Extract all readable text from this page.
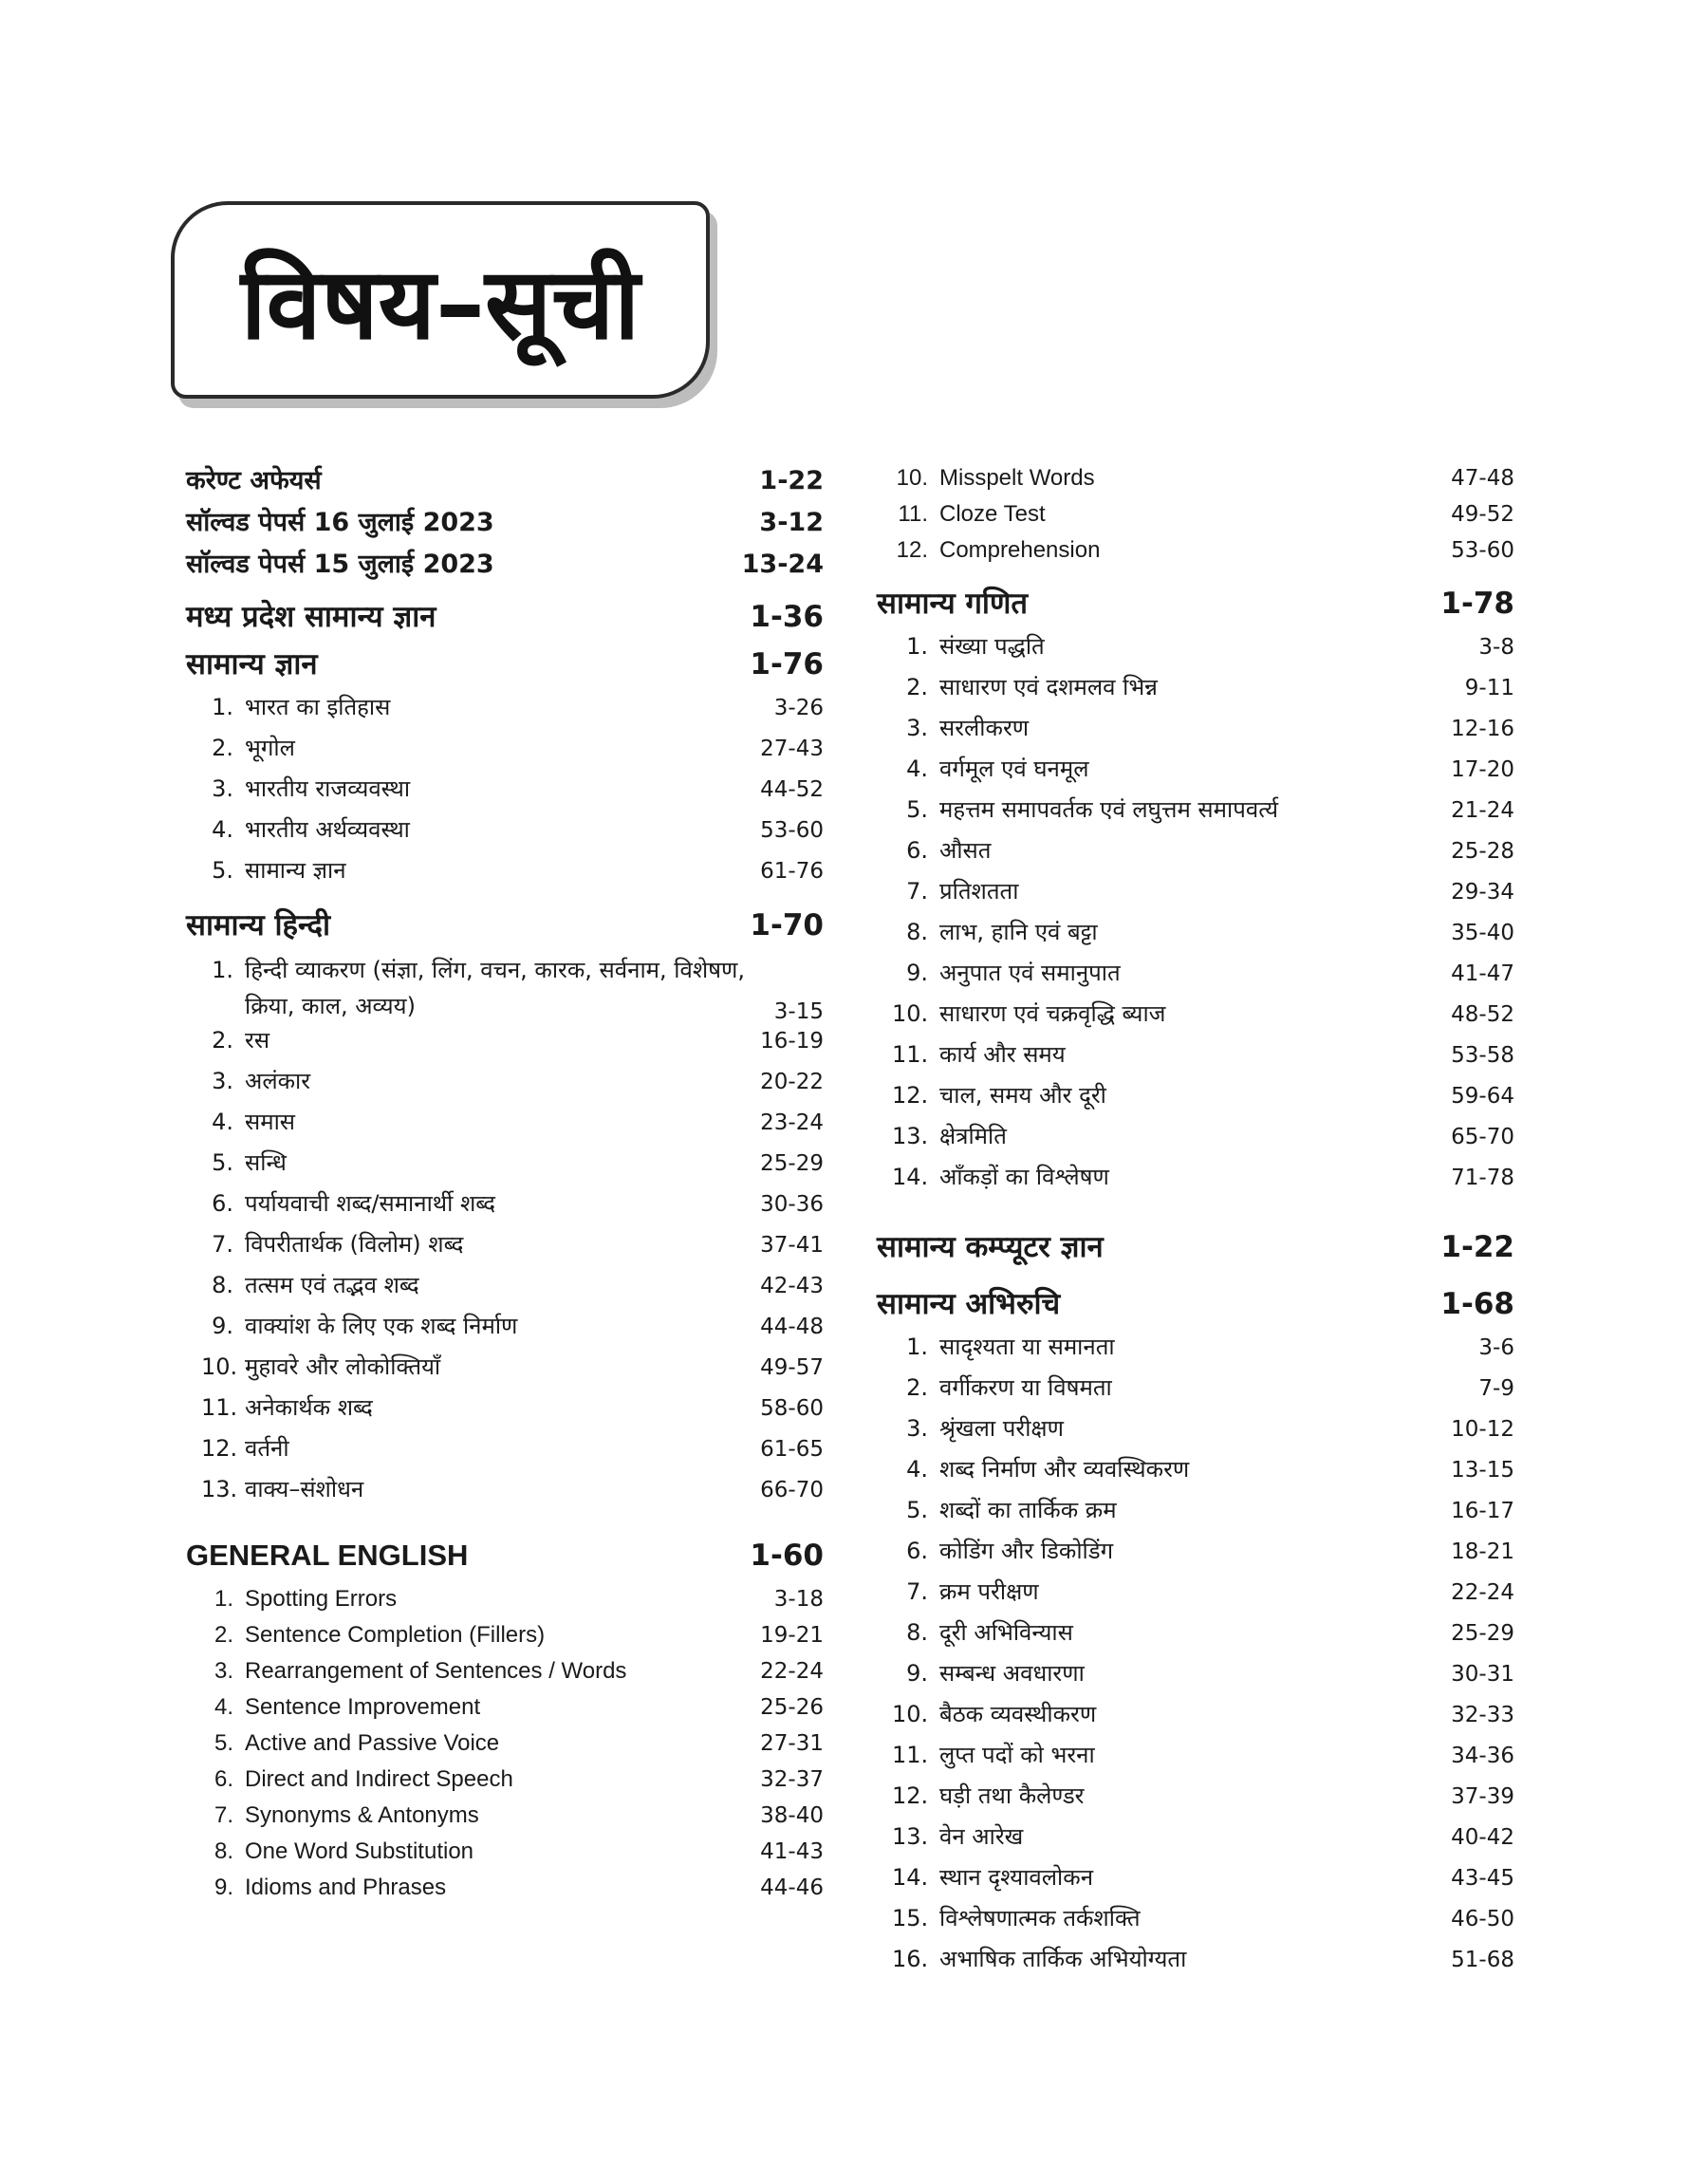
विषय–सूची
करेण्ट अफेयर्स	1-22
सॉल्वड पेपर्स 16 जुलाई 2023	3-12
सॉल्वड पेपर्स 15 जुलाई 2023	13-24
मध्य प्रदेश सामान्य ज्ञान	1-36
सामान्य ज्ञान	1-76
1. भारत का इतिहास	3-26
2. भूगोल	27-43
3. भारतीय राजव्यवस्था	44-52
4. भारतीय अर्थव्यवस्था	53-60
5. सामान्य ज्ञान	61-76
सामान्य हिन्दी	1-70
1. हिन्दी व्याकरण (संज्ञा, लिंग, वचन, कारक, सर्वनाम, विशेषण, क्रिया, काल, अव्यय)	3-15
2. रस	16-19
3. अलंकार	20-22
4. समास	23-24
5. सन्धि	25-29
6. पर्यायवाची शब्द/समानार्थी शब्द	30-36
7. विपरीतार्थक (विलोम) शब्द	37-41
8. तत्सम एवं तद्भव शब्द	42-43
9. वाक्यांश के लिए एक शब्द निर्माण	44-48
10. मुहावरे और लोकोक्तियाँ	49-57
11. अनेकार्थक शब्द	58-60
12. वर्तनी	61-65
13. वाक्य–संशोधन	66-70
GENERAL ENGLISH	1-60
1. Spotting Errors	3-18
2. Sentence Completion (Fillers)	19-21
3. Rearrangement of Sentences / Words	22-24
4. Sentence Improvement	25-26
5. Active and Passive Voice	27-31
6. Direct and Indirect Speech	32-37
7. Synonyms & Antonyms	38-40
8. One Word Substitution	41-43
9. Idioms and Phrases	44-46
10. Misspelt Words	47-48
11. Cloze Test	49-52
12. Comprehension	53-60
सामान्य गणित	1-78
1. संख्या पद्धति	3-8
2. साधारण एवं दशमलव भिन्न	9-11
3. सरलीकरण	12-16
4. वर्गमूल एवं घनमूल	17-20
5. महत्तम समापवर्तक एवं लघुत्तम समापवर्त्य	21-24
6. औसत	25-28
7. प्रतिशतता	29-34
8. लाभ, हानि एवं बट्टा	35-40
9. अनुपात एवं समानुपात	41-47
10. साधारण एवं चक्रवृद्धि ब्याज	48-52
11. कार्य और समय	53-58
12. चाल, समय और दूरी	59-64
13. क्षेत्रमिति	65-70
14. आँकड़ों का विश्लेषण	71-78
सामान्य कम्प्यूटर ज्ञान	1-22
सामान्य अभिरुचि	1-68
1. सादृश्यता या समानता	3-6
2. वर्गीकरण या विषमता	7-9
3. श्रृंखला परीक्षण	10-12
4. शब्द निर्माण और व्यवस्थिकरण	13-15
5. शब्दों का तार्किक क्रम	16-17
6. कोडिंग और डिकोडिंग	18-21
7. क्रम परीक्षण	22-24
8. दूरी अभिविन्यास	25-29
9. सम्बन्ध अवधारणा	30-31
10. बैठक व्यवस्थीकरण	32-33
11. लुप्त पदों को भरना	34-36
12. घड़ी तथा कैलेण्डर	37-39
13. वेन आरेख	40-42
14. स्थान दृश्यावलोकन	43-45
15. विश्लेषणात्मक तर्कशक्ति	46-50
16. अभाषिक तार्किक अभियोग्यता	51-68
